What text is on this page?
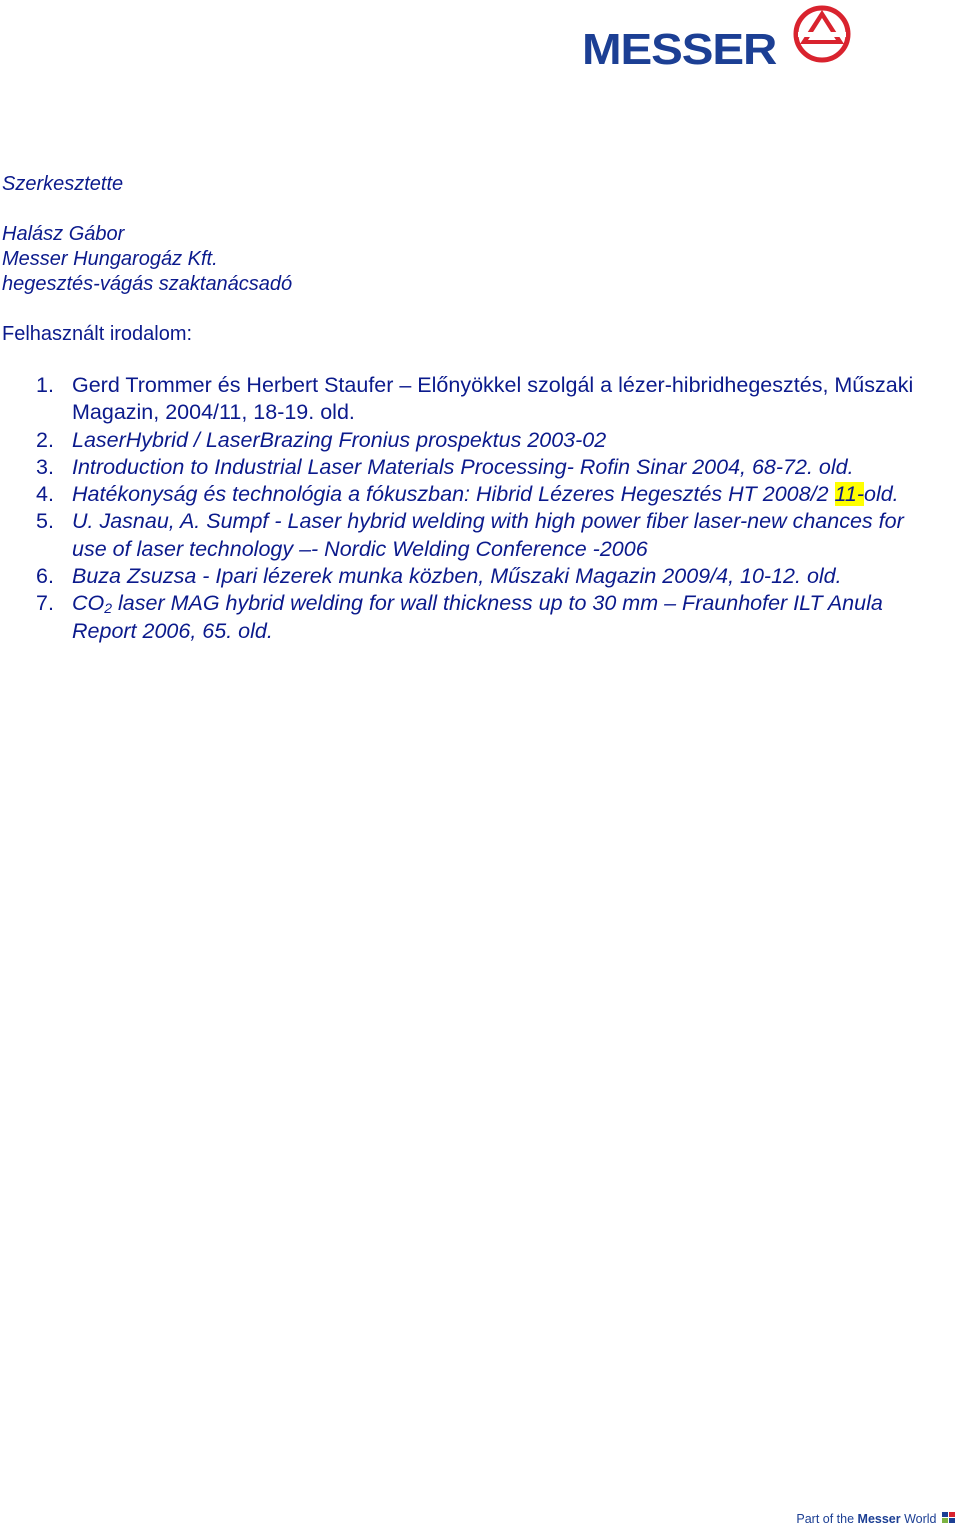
MESSER
Szerkesztette
Halász Gábor
Messer Hungarogáz Kft.
hegesztés-vágás szaktanácsadó
Felhasznált irodalom:
1. Gerd Trommer és Herbert Staufer – Előnyökkel szolgál a lézer-hibridhegesztés, Műszaki Magazin, 2004/11, 18-19. old.
2. LaserHybrid / LaserBrazing Fronius prospektus 2003-02
3. Introduction to Industrial Laser Materials Processing- Rofin Sinar 2004, 68-72. old.
4. Hatékonyság és technológia a fókuszban: Hibrid Lézeres Hegesztés HT 2008/2 11-old.
5. U. Jasnau, A. Sumpf - Laser hybrid welding with high power fiber laser-new chances for use of laser technology –- Nordic Welding Conference -2006
6. Buza Zsuzsa - Ipari lézerek munka közben, Műszaki Magazin 2009/4, 10-12. old.
7. $CO_2$ laser MAG hybrid welding for wall thickness up to 30 mm – Fraunhofer ILT Anula Report 2006, 65. old.
Part of the Messer World
